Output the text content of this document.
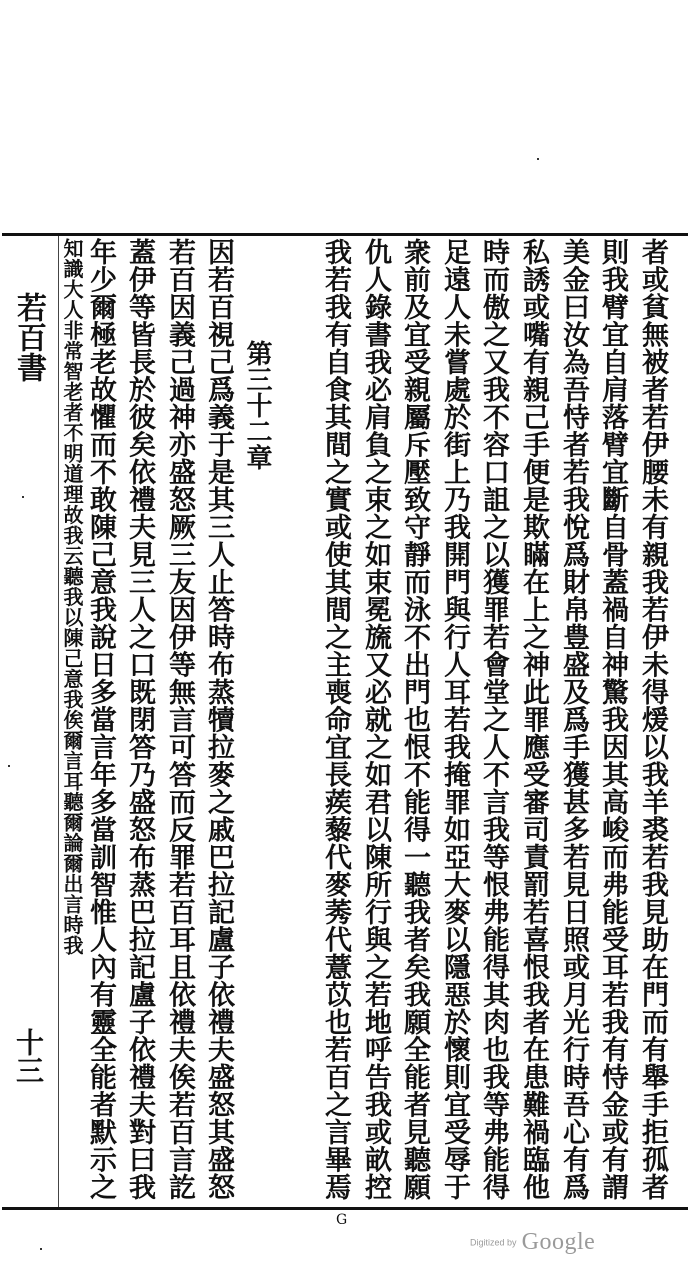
若百書
十三	者或貧無被者若伊腰未有親我若伊未得煖以我羊裘若我見助在門而有舉手拒孤者
則我臂宜自肩落臂宜斷自骨蓋禍自神驚我因其高峻而弗能受耳若我有恃金或有謂
美金曰汝為吾恃者若我悅爲財帛豊盛及爲手獲甚多若見日照或月光行時吾心有爲
私誘或嘴有親己手便是欺瞞在上之神此罪應受審司責罰若喜恨我者在患難禍臨他
時而傲之又我不容口詛之以獲罪若會堂之人不言我等恨弗能得其肉也我等弗能得
足遠人未嘗處於街上乃我開門與行人耳若我掩罪如亞大麥以隱惡於懷則宜受辱于
衆前及宜受親屬斥壓致守靜而泳不出門也恨不能得一聽我者矣我願全能者見聽願
仇人錄書我必肩負之束之如束冕旒又必就之如君以陳所行與之若地呼告我或畝控
我若我有自食其間之實或使其間之主喪命宜長蒺藜代麥莠代薏苡也若百之言畢焉
第三十二章
因若百視己爲義于是其三人止答時布蒸犢拉麥之戚巴拉記盧子依禮夫盛怒其盛怒
若百因義己過神亦盛怒厥三友因伊等無言可答而反罪若百耳且依禮夫俟若百言訖
蓋伊等皆長於彼矣依禮夫見三人之口既閉答乃盛怒布蒸巴拉記盧子依禮夫對曰我
年少爾極老故懼而不敢陳己意我說日多當言年多當訓智惟人內有靈全能者默示之
知識大人非常智老者不明道理故我云聽我以陳己意我俟爾言耳聽爾論爾出言時我
G
Digitized by Google
